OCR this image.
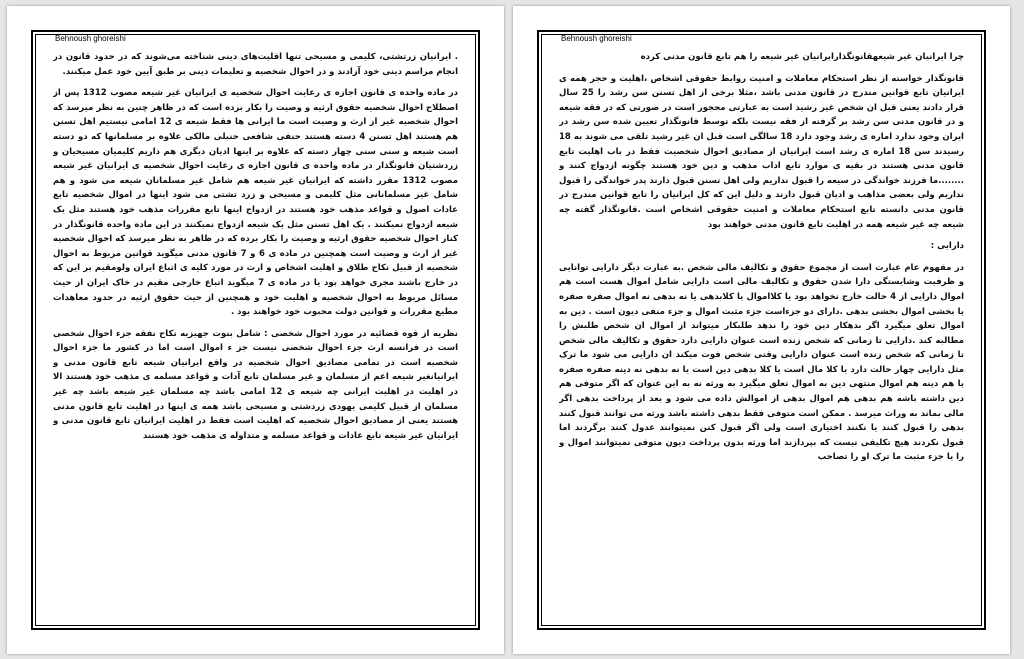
Behnoush ghoreishi

. ایرانیان زرتشتی، کلیمی و مسیحی تنها اقلیت‌های دینی شناخته می‌شوند که در حدود قانون در انجام مراسم دینی خود آزادند و در احوال شخصیه و تعلیمات دینی بر طبق آیین خود عمل میکنند.

در ماده واحده ی قانون اجازه ی رعایت احوال شخصیه ی ایرانیان غیر شیعه مصوب 1312 پس از اصطلاح احوال شخصیه حقوق ارثیه و وصیت را بکار برده است که در ظاهر چنین به نظر میرسد که احوال شخصیه غیر از ارث و وصیت است ما ایرانی ها فقط شیعه ی 12 امامی نیستیم اهل تسنن هم هستند اهل تسنن 4 دسته هستند حنفی شافعی حنبلی مالکی علاوه بر مسلمانها که دو دسته است شیعه و سنی سنی چهار دسته که علاوه بر اینها ادیان دیگری هم داریم کلیمیان مسیحیان و زردشتیان قانونگذار در ماده واحده ی قانون اجازه ی رعایت احوال شخصیه ی ایرانیان غیر شیعه مصوب 1312 مقرر داشته که ایرانیان غیر شیعه هم شامل غیر مسلمانان شیعه می شود و هم شامل غیر مسلمانانی مثل کلیمی و مسیحی و زرد تشتی می شود اینها در اموال شخصیه تابع عادات اصول و قواعد مذهب خود هستند در ازدواج اینها تابع مقررات مذهب خود هستند مثل یک شیعه ازدواج نمیکنند . یک اهل تسنن مثل یک شیعه ازدواج نمیکنند در این ماده واحده قانونگذار در کنار احوال شخصیه حقوق ارثیه و وصیت را بکار برده که در ظاهر به نظر میرسد که احوال شخصیه غیر از ارث و وصیت است همچنین در ماده ی 6 و 7 قانون مدنی میگوید قوانین مربوط به احوال شخصیه از قبیل نکاح طلاق و اهلیت اشخاص و ارث در مورد کلیه ی اتباع ایران ولومقیم بر این که در خارج باشند مجری خواهد بود یا در ماده ی 7 میگوید اتباع خارجی مقیم در خاک ایران از حیث مسائل مربوط به احوال شخصیه و اهلیت خود و همچنین از حیث حقوق ارثیه در حدود معاهدات مطیع مقررات و قوانین دولت محبوب خود خواهند بود .

نظریه از قوه قضائیه در مورد احوال شخصی : شامل بنوت جهیزیه نکاح نفقه جزء احوال شخصی است در فرانسه ارث جزء احوال شخصی نیست جز ء اموال است اما در کشور ما جزء احوال شخصیه است در تمامی مصادیق احوال شخصیه در واقع ایرانیان شیعه تابع قانون مدنی و ایرانیانغیر شیعه اعم از مسلمان و غیر مسلمان تابع آدات و قواعد مسلمه ی مذهب خود هستند الا در اهلیت در اهلیت ایرانی چه شیعه ی 12 امامی باشد چه مسلمان غیر شیعه باشد چه غیر مسلمان از قبیل کلیمی یهودی زردشتی و مسیحی باشد همه ی اینها در اهلیت تابع قانون مدنی هستند یعنی از مصادیق احوال شخصیه که اهلیت است فقط در اهلیت ایرانیان تابع قانون مدنی و ایرانیان غیر شیعه تابع عادات و قواعد مسلمه و متداوله ی مذهب خود هستند

Behnoush ghoreishi

چرا ایرانیان غیر شیعهقانونگذارایرانیان غیر شیعه را هم تابع قانون مدنی کرده

قانونگذار خواسته از نظر استحکام معاملات و امنیت روابط حقوقی اشخاص ،اهلیت و حجر همه ی ایرانیان تابع قوانین مندرج در قانون مدنی باشد ،مثلا برخی از اهل تسنن سن رشد را 25 سال قرار دادند یعنی قبل ان شخص غیر رشید است به عبارتی محجور است در صورتی که در فقه شیعه و در قانون مدنی سن رشد بر گرفته از فقه نیست بلکه توسط قانونگذار تعیین شده سن رشد در ایران وجود ندارد اماره ی رشد وجود دارد 18 سالگی است قبل ان غیر رشید تلقی می شوند به 18 رسیدند سن 18 اماره ی رشد است ایرانیان از مصادیق احوال شخصیت فقط در باب اهلیت تابع قانون مدنی هستند در بقیه ی موارد تابع اداب مذهب و دین خود هستند چگونه ازدواج کنند و ........ما فرزند خواندگی در سیعه را قبول نداریم ولی اهل تسنن قبول دارند پدر خواندگی را قبول نداریم ولی بعضی مذاهب و ادیان قبول دارند و دلیل این که کل ایرانیان را تابع قوانین مندرج در قانون مدنی دانسته تابع استحکام معاملات و امنیت حقوقی اشخاص است .قانونگذار گفته چه شیعه چه غیر شیعه همه در اهلیت تابع قانون مدنی خواهند بود

دارایی :

در مفهوم عام عبارت است از مجموع حقوق و تکالیف مالی شخص .به عبارت دیگر دارایی توانایی و ظرفیت وشایستگی دارا شدن حقوق و تکالیف مالی است دارایی شامل اموال هست است هم اموال دارایی از 4 حالت خارج نخواهد بود یا کلااموال یا کلابدهی یا نه بدهی نه اموال صفره صفره یا بخشی اموال بخشی بدهی .دارای دو جزءاست جزء مثبت اموال و جزء منفی دیون است . دین به اموال تعلق میگیرد اگر بدهکار دین خود را ندهد طلبکار میتواند از اموال ان شخص طلبش را مطالبه کند .دارایی تا زمانی که شخص زنده است عنوان دارایی دارد حقوق و تکالیف مالی شخص تا زمانی که شخص زنده است عنوان دارایی وقتی شخص فوت میکند ان دارایی می شود ما ترک مثل دارایی چهار حالت دارد یا کلا مال است یا کلا بدهی دین است یا نه بدهی نه دینه صفره صفره یا هم دینه هم اموال منتهی دین به اموال تعلق میگیرد به ورثه نه به این عنوان که اگر متوفی هم دین داشته باشه هم بدهی هم اموال بدهی از اموالش داده می شود و بعد از پرداخت بدهی اگر مالی بماند به وراث میرسد . ممکن است متوفی فقط بدهی داشته باشد ورثه می توانند قبول کنند بدهی را قبول کنند یا نکنند اختیاری است ولی اگر قبول کنن نمیتوانند عدول کنند برگردند اما قبول نکردند هیچ تکلیفی نیست که بپردازند اما ورثه بدون پرداخت دیون متوفی نمیتوانند اموال و را یا جزء مثبت ما ترک او را تصاحب
